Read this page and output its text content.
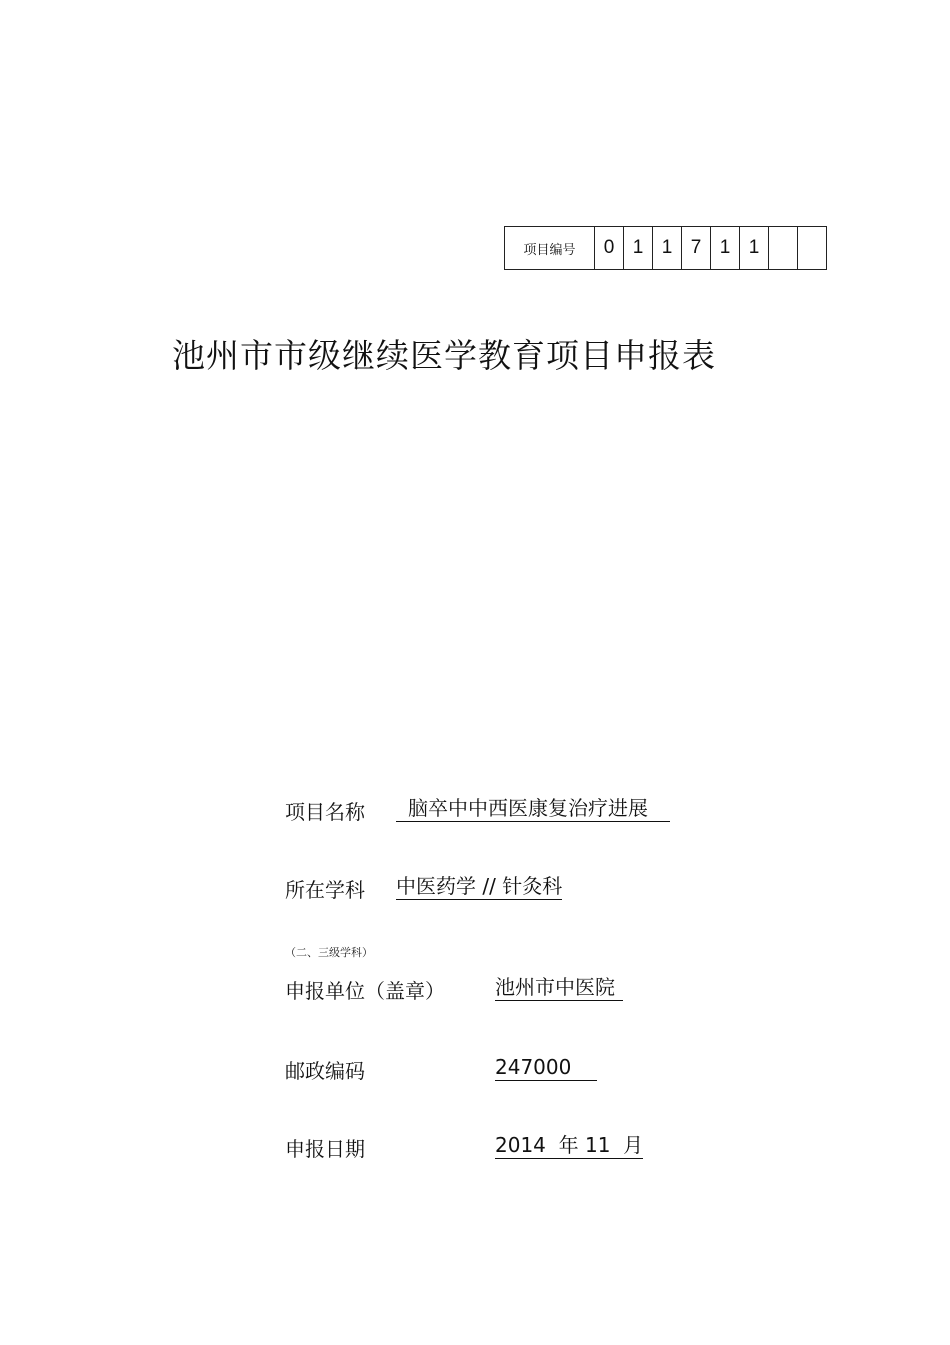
项目编号	0	1	1	7	1	1		
池州市市级继续医学教育项目申报表
项目名称	脑卒中中西医康复治疗进展
所在学科 中医药学 // 针灸科
（二、三级学科）
申报单位（盖章）	池州市中医院
邮政编码	247000
申报日期	2014  年 11  月
